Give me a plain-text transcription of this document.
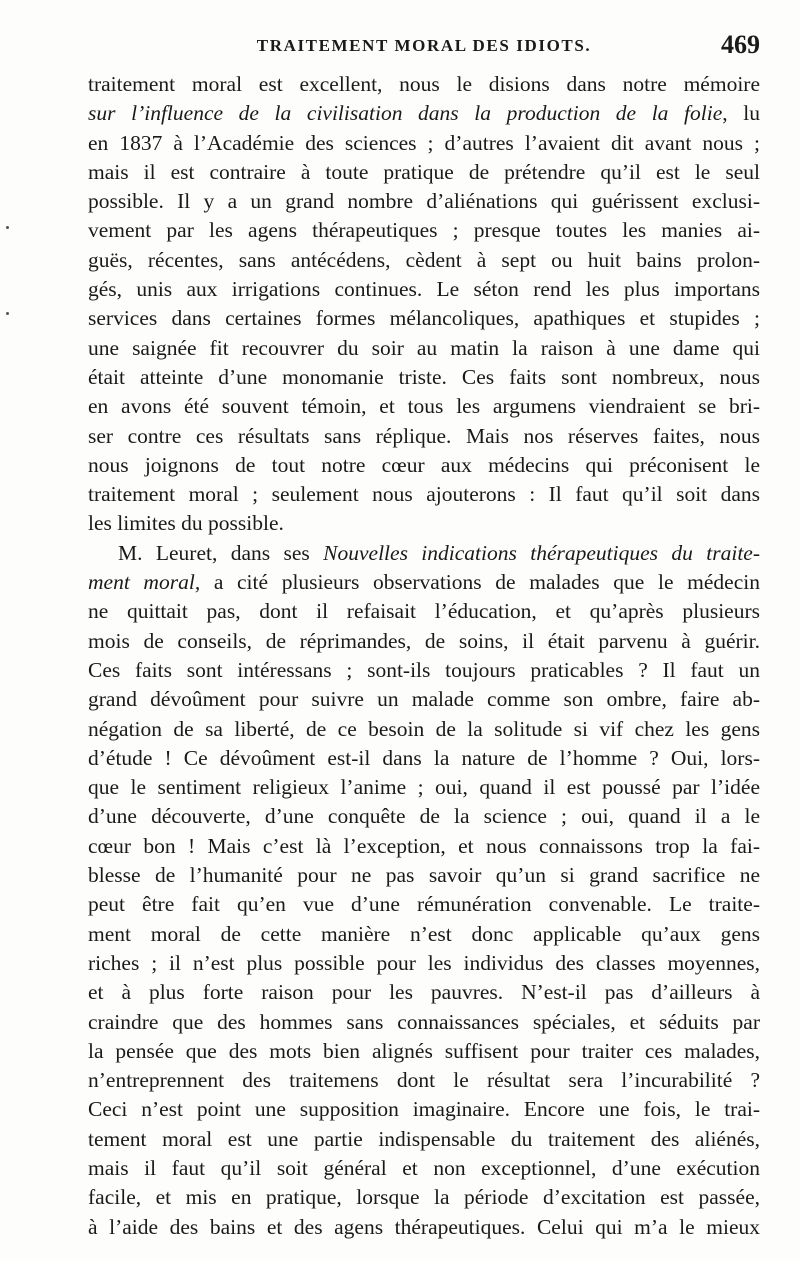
TRAITEMENT MORAL DES IDIOTS.	469
traitement moral est excellent, nous le disions dans notre mémoire
sur l’influence de la civilisation dans la production de la folie, lu
en 1837 à l’Académie des sciences ; d’autres l’avaient dit avant nous ;
mais il est contraire à toute pratique de prétendre qu’il est le seul
possible. Il y a un grand nombre d’aliénations qui guérissent exclusi-
vement par les agens thérapeutiques ; presque toutes les manies ai-
guës, récentes, sans antécédens, cèdent à sept ou huit bains prolon-
gés, unis aux irrigations continues. Le séton rend les plus importans
services dans certaines formes mélancoliques, apathiques et stupides ;
une saignée fit recouvrer du soir au matin la raison à une dame qui
était atteinte d’une monomanie triste. Ces faits sont nombreux, nous
en avons été souvent témoin, et tous les argumens viendraient se bri-
ser contre ces résultats sans réplique. Mais nos réserves faites, nous
nous joignons de tout notre cœur aux médecins qui préconisent le
traitement moral ; seulement nous ajouterons : Il faut qu’il soit dans
les limites du possible.
M. Leuret, dans ses Nouvelles indications thérapeutiques du traite-
ment moral, a cité plusieurs observations de malades que le médecin
ne quittait pas, dont il refaisait l’éducation, et qu’après plusieurs
mois de conseils, de réprimandes, de soins, il était parvenu à guérir.
Ces faits sont intéressans ; sont-ils toujours praticables ? Il faut un
grand dévoûment pour suivre un malade comme son ombre, faire ab-
négation de sa liberté, de ce besoin de la solitude si vif chez les gens
d’étude ! Ce dévoûment est-il dans la nature de l’homme ? Oui, lors-
que le sentiment religieux l’anime ; oui, quand il est poussé par l’idée
d’une découverte, d’une conquête de la science ; oui, quand il a le
cœur bon ! Mais c’est là l’exception, et nous connaissons trop la fai-
blesse de l’humanité pour ne pas savoir qu’un si grand sacrifice ne
peut être fait qu’en vue d’une rémunération convenable. Le traite-
ment moral de cette manière n’est donc applicable qu’aux gens
riches ; il n’est plus possible pour les individus des classes moyennes,
et à plus forte raison pour les pauvres. N’est-il pas d’ailleurs à
craindre que des hommes sans connaissances spéciales, et séduits par
la pensée que des mots bien alignés suffisent pour traiter ces malades,
n’entreprennent des traitemens dont le résultat sera l’incurabilité ?
Ceci n’est point une supposition imaginaire. Encore une fois, le trai-
tement moral est une partie indispensable du traitement des aliénés,
mais il faut qu’il soit général et non exceptionnel, d’une exécution
facile, et mis en pratique, lorsque la période d’excitation est passée,
à l’aide des bains et des agens thérapeutiques. Celui qui m’a le mieux
